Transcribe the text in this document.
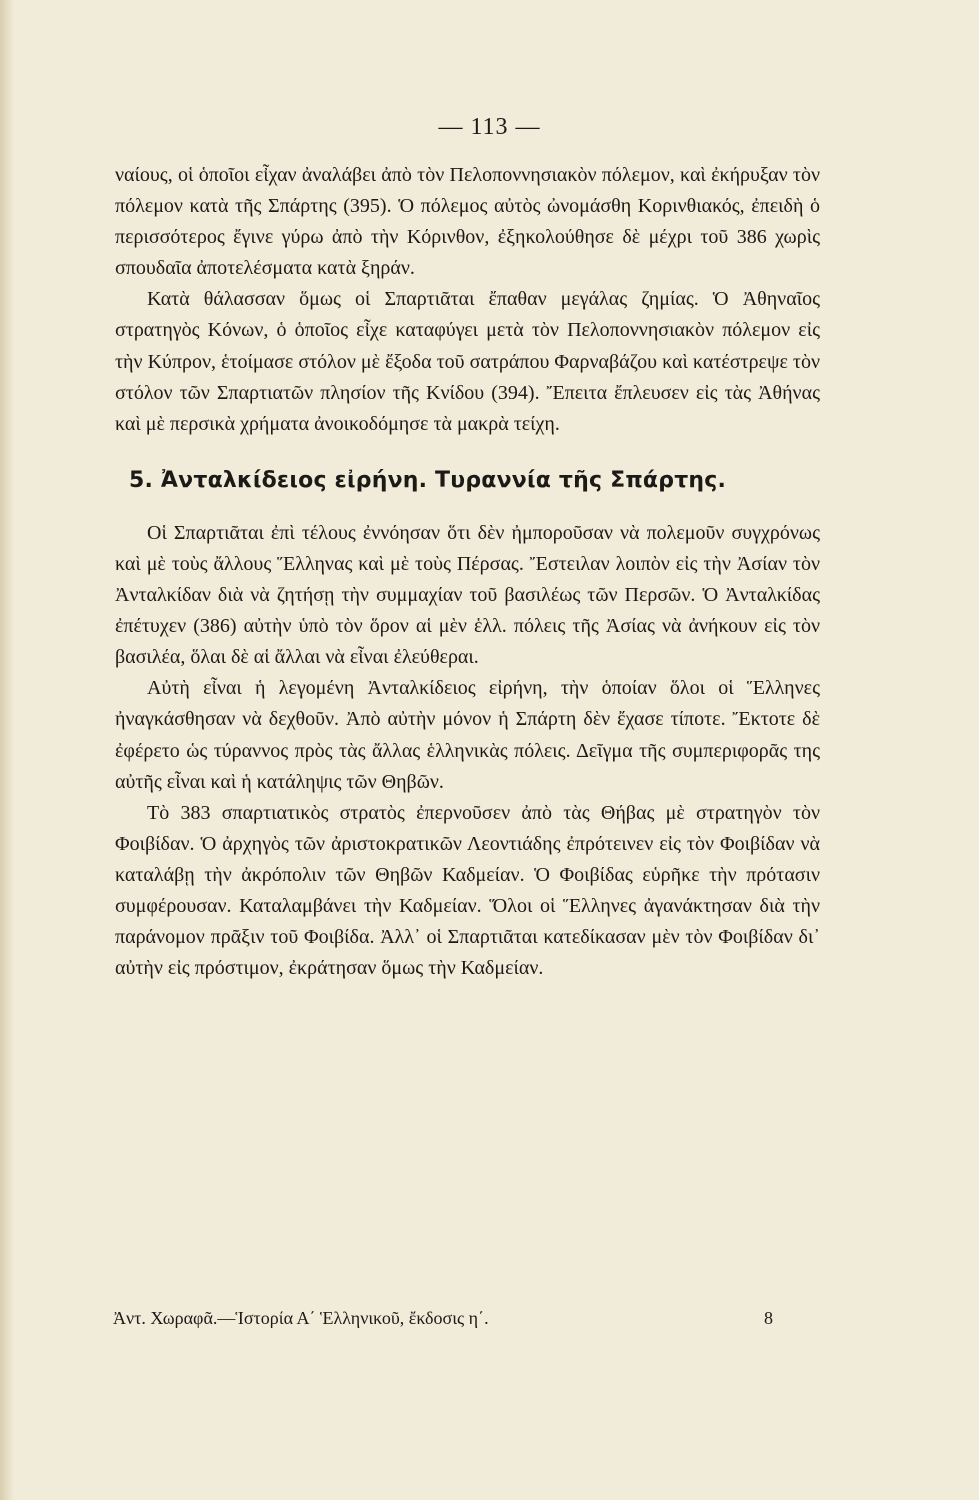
— 113 —

ναίους, οἱ ὁποῖοι εἶχαν ἀναλάβει ἀπὸ τὸν Πελοποννησιακὸν πόλεμον, καὶ ἐκήρυξαν τὸν πόλεμον κατὰ τῆς Σπάρτης (395). Ὁ πόλεμος αὐτὸς ὠνομάσθη Κορινθιακός, ἐπειδὴ ὁ περισσότερος ἔγινε γύρω ἀπὸ τὴν Κόρινθον, ἐξηκολούθησε δὲ μέχρι τοῦ 386 χωρὶς σπουδαῖα ἀποτελέσματα κατὰ ξηράν.

Κατὰ θάλασσαν ὅμως οἱ Σπαρτιᾶται ἔπαθαν μεγάλας ζημίας. Ὁ Ἀθηναῖος στρατηγὸς Κόνων, ὁ ὁποῖος εἶχε καταφύγει μετὰ τὸν Πελοποννησιακὸν πόλεμον εἰς τὴν Κύπρον, ἑτοίμασε στόλον μὲ ἔξοδα τοῦ σατράπου Φαρναβάζου καὶ κατέστρεψε τὸν στόλον τῶν Σπαρτιατῶν πλησίον τῆς Κνίδου (394). Ἔπειτα ἔπλευσεν εἰς τὰς Ἀθήνας καὶ μὲ περσικὰ χρήματα ἀνοικοδόμησε τὰ μακρὰ τείχη.

5. Ἀνταλκίδειος εἰρήνη. Τυραννία τῆς Σπάρτης.

Οἱ Σπαρτιᾶται ἐπὶ τέλους ἐννόησαν ὅτι δὲν ἠμποροῦσαν νὰ πολεμοῦν συγχρόνως καὶ μὲ τοὺς ἄλλους Ἕλληνας καὶ μὲ τοὺς Πέρσας. Ἔστειλαν λοιπὸν εἰς τὴν Ἀσίαν τὸν Ἀνταλκίδαν διὰ νὰ ζητήσῃ τὴν συμμαχίαν τοῦ βασιλέως τῶν Περσῶν. Ὁ Ἀνταλκίδας ἐπέτυχεν (386) αὐτὴν ὑπὸ τὸν ὅρον αἱ μὲν ἑλλ. πόλεις τῆς Ἀσίας νὰ ἀνήκουν εἰς τὸν βασιλέα, ὅλαι δὲ αἱ ἄλλαι νὰ εἶναι ἐλεύθεραι.

Αὐτὴ εἶναι ἡ λεγομένη Ἀνταλκίδειος εἰρήνη, τὴν ὁποίαν ὅλοι οἱ Ἕλληνες ἠναγκάσθησαν νὰ δεχθοῦν. Ἀπὸ αὐτὴν μόνον ἡ Σπάρτη δὲν ἔχασε τίποτε. Ἔκτοτε δὲ ἐφέρετο ὡς τύραννος πρὸς τὰς ἄλλας ἑλληνικὰς πόλεις. Δεῖγμα τῆς συμπεριφορᾶς της αὐτῆς εἶναι καὶ ἡ κατάληψις τῶν Θηβῶν.

Τὸ 383 σπαρτιατικὸς στρατὸς ἐπερνοῦσεν ἀπὸ τὰς Θήβας μὲ στρατηγὸν τὸν Φοιβίδαν. Ὁ ἀρχηγὸς τῶν ἀριστοκρατικῶν Λεοντιάδης ἐπρότεινεν εἰς τὸν Φοιβίδαν νὰ καταλάβῃ τὴν ἀκρόπολιν τῶν Θηβῶν Καδμείαν. Ὁ Φοιβίδας εὑρῆκε τὴν πρότασιν συμφέρουσαν. Καταλαμβάνει τὴν Καδμείαν. Ὅλοι οἱ Ἕλληνες ἀγανάκτησαν διὰ τὴν παράνομον πρᾶξιν τοῦ Φοιβίδα. Ἀλλ᾿ οἱ Σπαρτιᾶται κατεδίκασαν μὲν τὸν Φοιβίδαν δι᾿ αὐτὴν εἰς πρόστιμον, ἐκράτησαν ὅμως τὴν Καδμείαν.

Ἀντ. Χωραφᾶ.—Ἱστορία Α΄ Ἑλληνικοῦ, ἔκδοσις η΄.	8
